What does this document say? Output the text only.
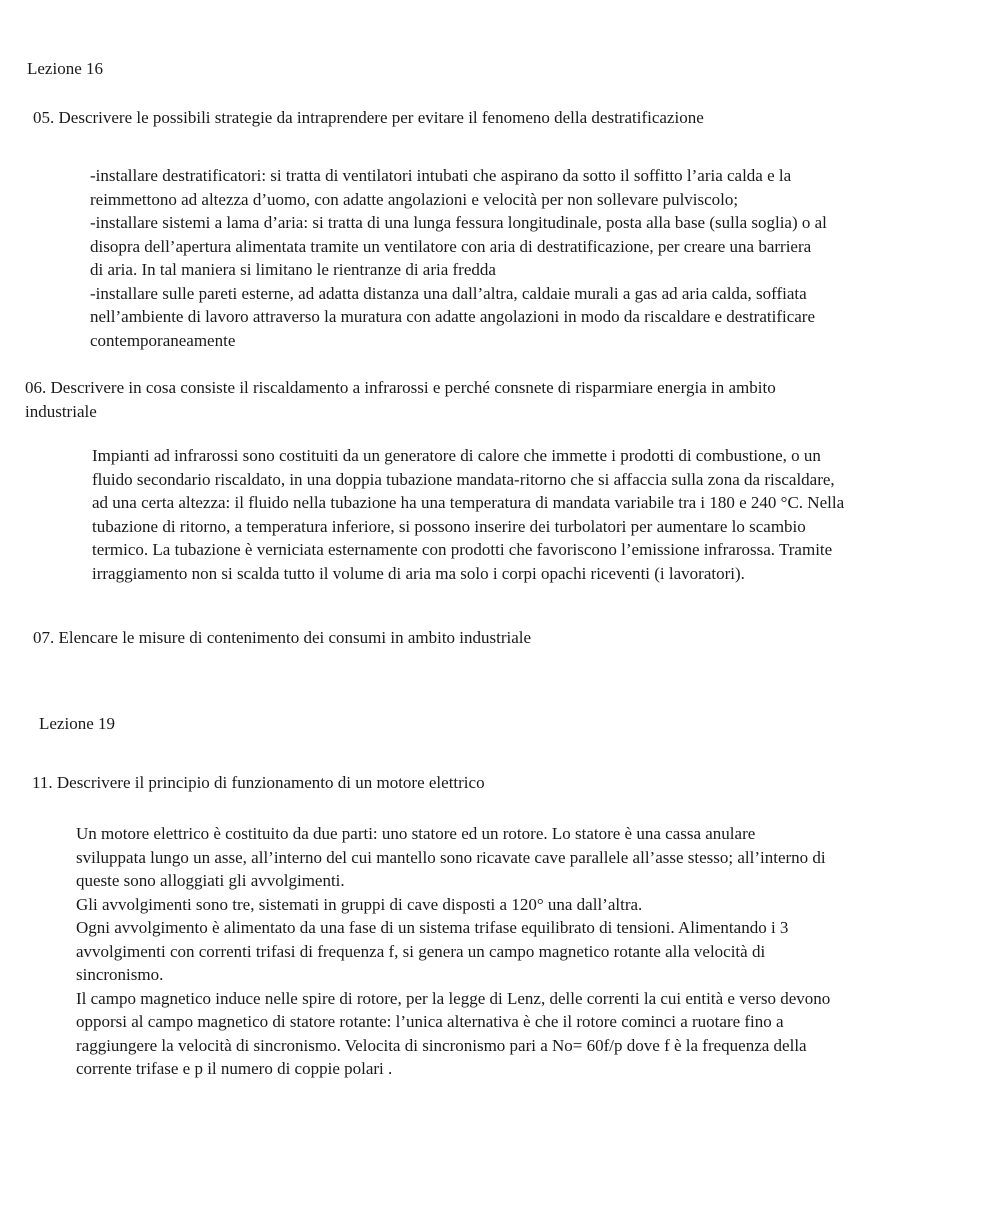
Lezione 16
05. Descrivere le possibili strategie da intraprendere per evitare il fenomeno della destratificazione
-installare destratificatori: si tratta di ventilatori intubati che aspirano da sotto il soffitto l’aria calda e la
reimmettono ad altezza d’uomo, con adatte angolazioni e velocità per non sollevare pulviscolo;
-installare sistemi a lama d’aria: si tratta di una lunga fessura longitudinale, posta alla base (sulla soglia) o al
disopra dell’apertura alimentata tramite un ventilatore con aria di destratificazione, per creare una barriera
di aria. In tal maniera si limitano le rientranze di aria fredda
-installare sulle pareti esterne, ad adatta distanza una dall’altra, caldaie murali a gas ad aria calda, soffiata
nell’ambiente di lavoro attraverso la muratura con adatte angolazioni in modo da riscaldare e destratificare
contemporaneamente
06. Descrivere in cosa consiste il riscaldamento a infrarossi e perché consnete di risparmiare energia in ambito
industriale
Impianti ad infrarossi sono costituiti da un generatore di calore che immette i prodotti di combustione, o un
fluido secondario riscaldato, in una doppia tubazione mandata-ritorno che si affaccia sulla zona da riscaldare,
ad una certa altezza: il fluido nella tubazione ha una temperatura di mandata variabile tra i 180 e 240 °C. Nella
tubazione di ritorno, a temperatura inferiore, si possono inserire dei turbolatori per aumentare lo scambio
termico. La tubazione è verniciata esternamente con prodotti che favoriscono l’emissione infrarossa. Tramite
irraggiamento non si scalda tutto il volume di aria ma solo i corpi opachi riceventi (i lavoratori).
07. Elencare le misure di contenimento dei consumi in ambito industriale
Lezione 19
11. Descrivere il principio di funzionamento di un motore elettrico
Un motore elettrico è costituito da due parti: uno statore ed un rotore. Lo statore è una cassa anulare
sviluppata lungo un asse, all’interno del cui mantello sono ricavate cave parallele all’asse stesso; all’interno di
queste sono alloggiati gli avvolgimenti.
Gli avvolgimenti sono tre, sistemati in gruppi di cave disposti a 120° una dall’altra.
Ogni avvolgimento è alimentato da una fase di un sistema trifase equilibrato di tensioni. Alimentando i 3
avvolgimenti con correnti trifasi di frequenza f, si genera un campo magnetico rotante alla velocità di
sincronismo.
Il campo magnetico induce nelle spire di rotore, per la legge di Lenz, delle correnti la cui entità e verso devono
opporsi al campo magnetico di statore rotante: l’unica alternativa è che il rotore cominci a ruotare fino a
raggiungere la velocità di sincronismo. Velocita di sincronismo pari a No= 60f/p dove f è la frequenza della
corrente trifase e p il numero di coppie polari .
